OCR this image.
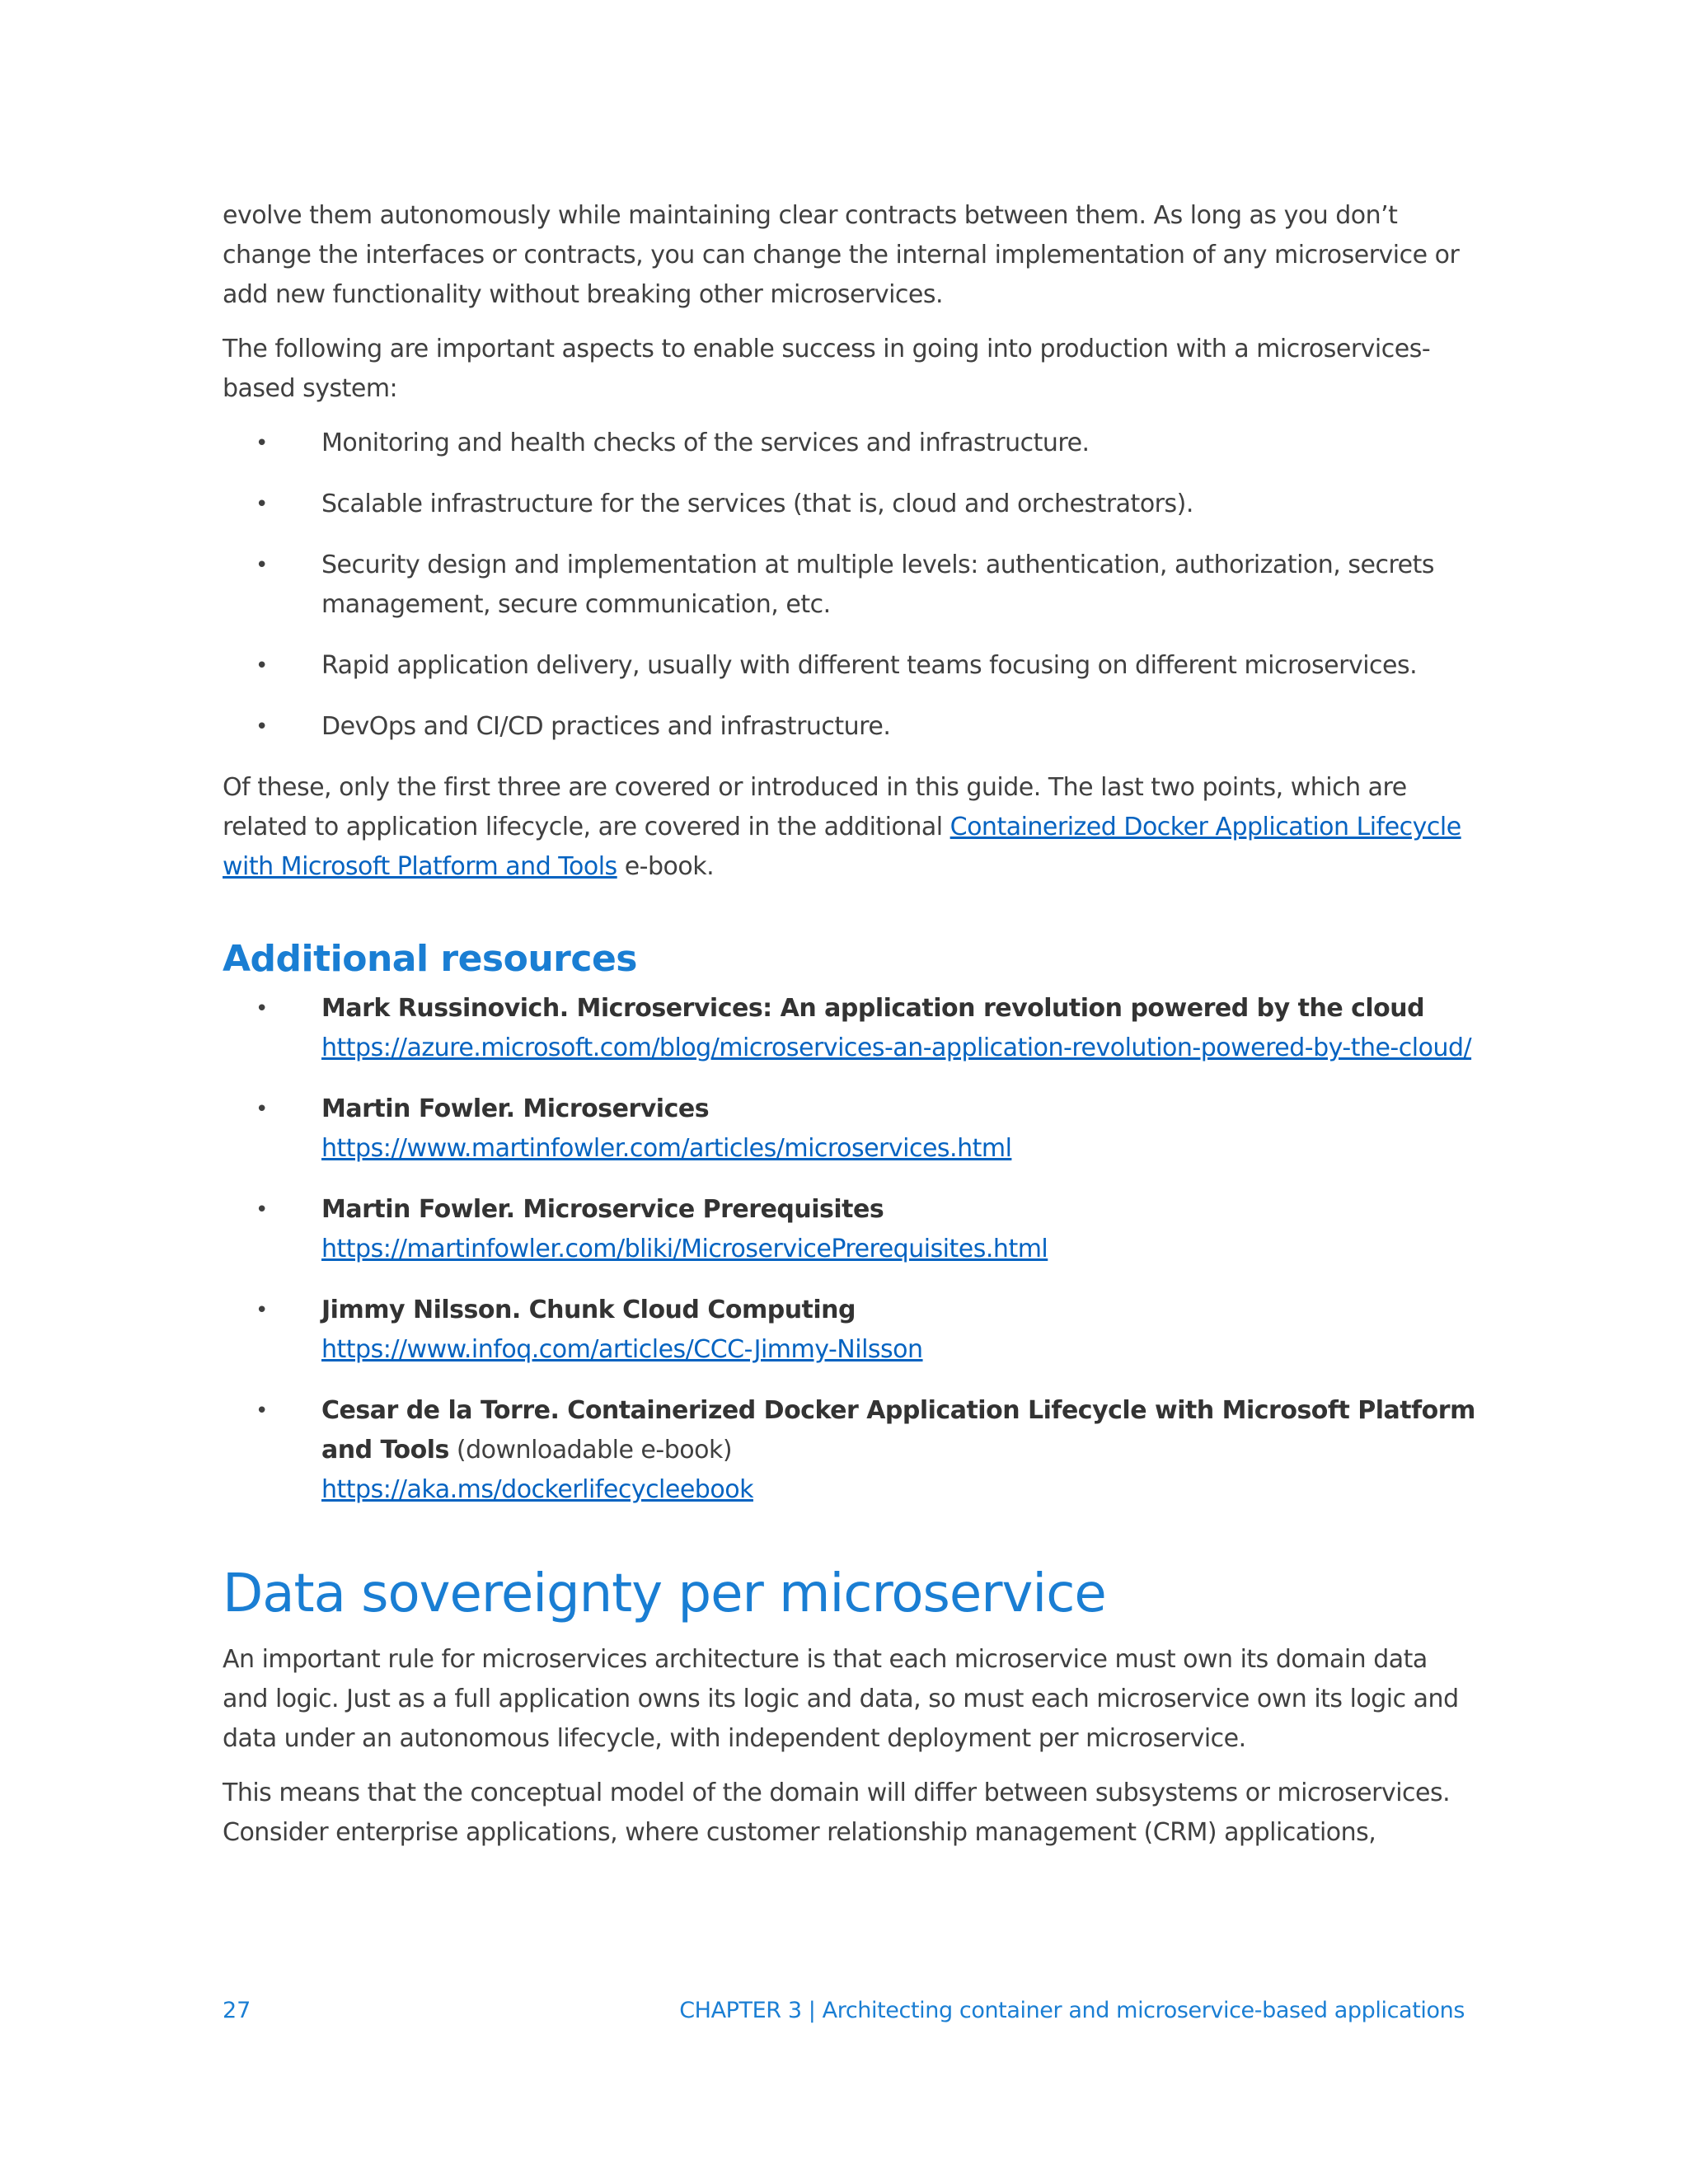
evolve them autonomously while maintaining clear contracts between them. As long as you don’t change the interfaces or contracts, you can change the internal implementation of any microservice or add new functionality without breaking other microservices.

The following are important aspects to enable success in going into production with a microservices-based system:

• Monitoring and health checks of the services and infrastructure.
• Scalable infrastructure for the services (that is, cloud and orchestrators).
• Security design and implementation at multiple levels: authentication, authorization, secrets management, secure communication, etc.
• Rapid application delivery, usually with different teams focusing on different microservices.
• DevOps and CI/CD practices and infrastructure.

Of these, only the first three are covered or introduced in this guide. The last two points, which are related to application lifecycle, are covered in the additional Containerized Docker Application Lifecycle with Microsoft Platform and Tools e-book.

Additional resources
• Mark Russinovich. Microservices: An application revolution powered by the cloud
https://azure.microsoft.com/blog/microservices-an-application-revolution-powered-by-the-cloud/
• Martin Fowler. Microservices
https://www.martinfowler.com/articles/microservices.html
• Martin Fowler. Microservice Prerequisites
https://martinfowler.com/bliki/MicroservicePrerequisites.html
• Jimmy Nilsson. Chunk Cloud Computing
https://www.infoq.com/articles/CCC-Jimmy-Nilsson
• Cesar de la Torre. Containerized Docker Application Lifecycle with Microsoft Platform and Tools (downloadable e-book)
https://aka.ms/dockerlifecycleebook
Data sovereignty per microservice

An important rule for microservices architecture is that each microservice must own its domain data and logic. Just as a full application owns its logic and data, so must each microservice own its logic and data under an autonomous lifecycle, with independent deployment per microservice.

This means that the conceptual model of the domain will differ between subsystems or microservices. Consider enterprise applications, where customer relationship management (CRM) applications,

27	CHAPTER 3 | Architecting container and microservice-based applications
